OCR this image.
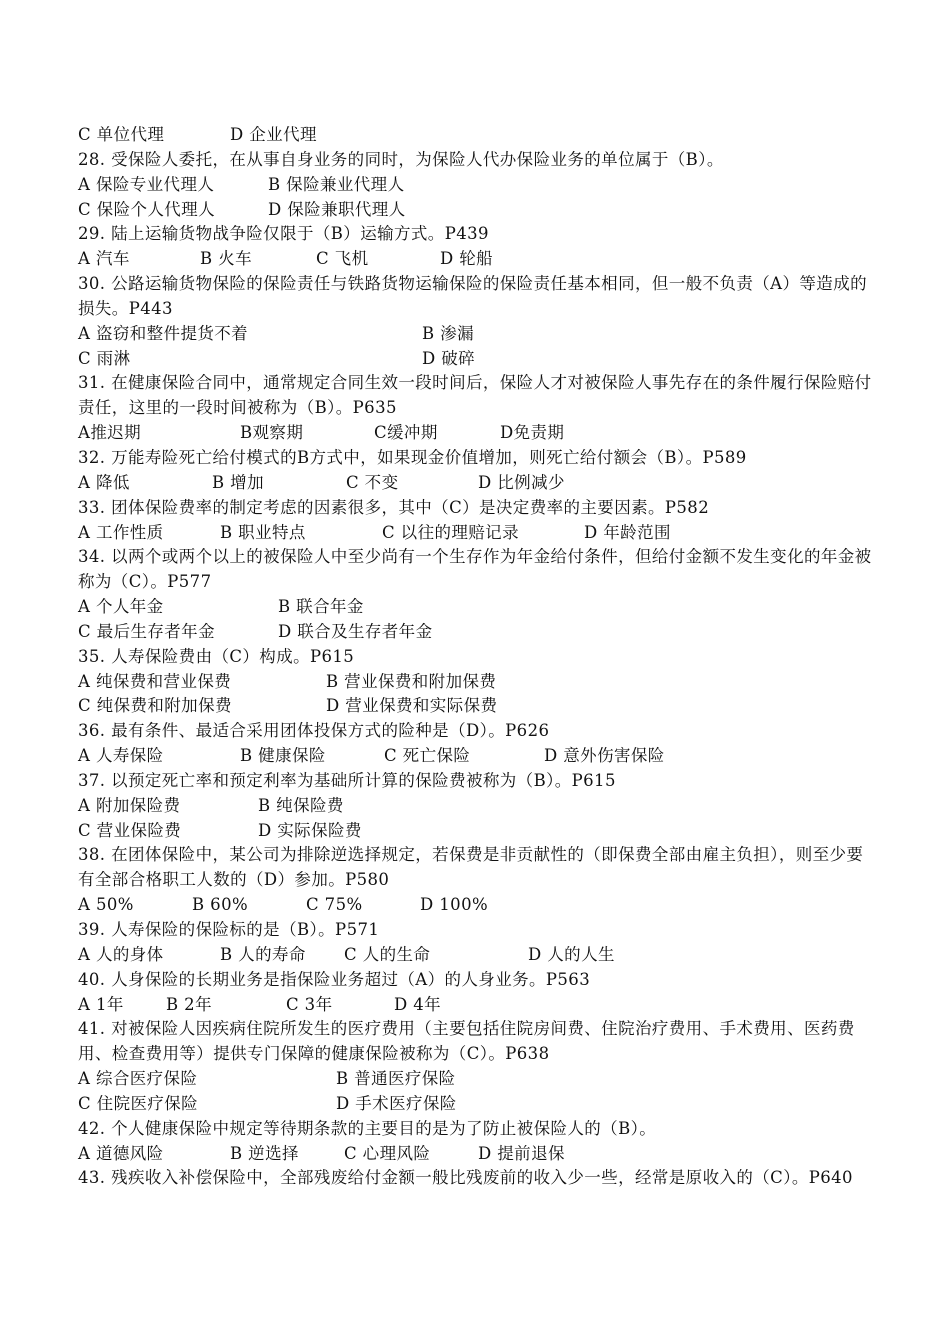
C 单位代理	D 企业代理
28. 受保险人委托，在从事自身业务的同时，为保险人代办保险业务的单位属于（B）。
A 保险专业代理人	B 保险兼业代理人
C 保险个人代理人	D 保险兼职代理人
29. 陆上运输货物战争险仅限于（B）运输方式。P439
A 汽车	B 火车	C 飞机	D 轮船
30. 公路运输货物保险的保险责任与铁路货物运输保险的保险责任基本相同，但一般不负责（A）等造成的损失。P443
A 盗窃和整件提货不着	B 渗漏
C 雨淋	D 破碎
31. 在健康保险合同中，通常规定合同生效一段时间后，保险人才对被保险人事先存在的条件履行保险赔付责任，这里的一段时间被称为（B）。P635
A推迟期	B观察期	C缓冲期	D免责期
32. 万能寿险死亡给付模式的B方式中，如果现金价值增加，则死亡给付额会（B）。P589
A 降低	B 增加	C 不变	D 比例减少
33. 团体保险费率的制定考虑的因素很多，其中（C）是决定费率的主要因素。P582
A 工作性质	B 职业特点	C 以往的理赔记录	D 年龄范围
34. 以两个或两个以上的被保险人中至少尚有一个生存作为年金给付条件，但给付金额不发生变化的年金被称为（C）。P577
A 个人年金	B 联合年金
C 最后生存者年金	D 联合及生存者年金
35. 人寿保险费由（C）构成。P615
A 纯保费和营业保费	B 营业保费和附加保费
C 纯保费和附加保费	D 营业保费和实际保费
36. 最有条件、最适合采用团体投保方式的险种是（D）。P626
A 人寿保险	B 健康保险	C 死亡保险	D 意外伤害保险
37. 以预定死亡率和预定利率为基础所计算的保险费被称为（B）。P615
A 附加保险费	B 纯保险费
C 营业保险费	D 实际保险费
38. 在团体保险中，某公司为排除逆选择规定，若保费是非贡献性的（即保费全部由雇主负担），则至少要有全部合格职工人数的（D）参加。P580
A 50%	B 60%	C 75%	D 100%
39. 人寿保险的保险标的是（B）。P571
A 人的身体	B 人的寿命	C 人的生命	D 人的人生
40. 人身保险的长期业务是指保险业务超过（A）的人身业务。P563
A 1年	B 2年	C 3年	D 4年
41. 对被保险人因疾病住院所发生的医疗费用（主要包括住院房间费、住院治疗费用、手术费用、医药费用、检查费用等）提供专门保障的健康保险被称为（C）。P638
A 综合医疗保险	B 普通医疗保险
C 住院医疗保险	D 手术医疗保险
42. 个人健康保险中规定等待期条款的主要目的是为了防止被保险人的（B）。
A 道德风险	B 逆选择	C 心理风险	D 提前退保
43. 残疾收入补偿保险中，全部残废给付金额一般比残废前的收入少一些，经常是原收入的（C）。P640
